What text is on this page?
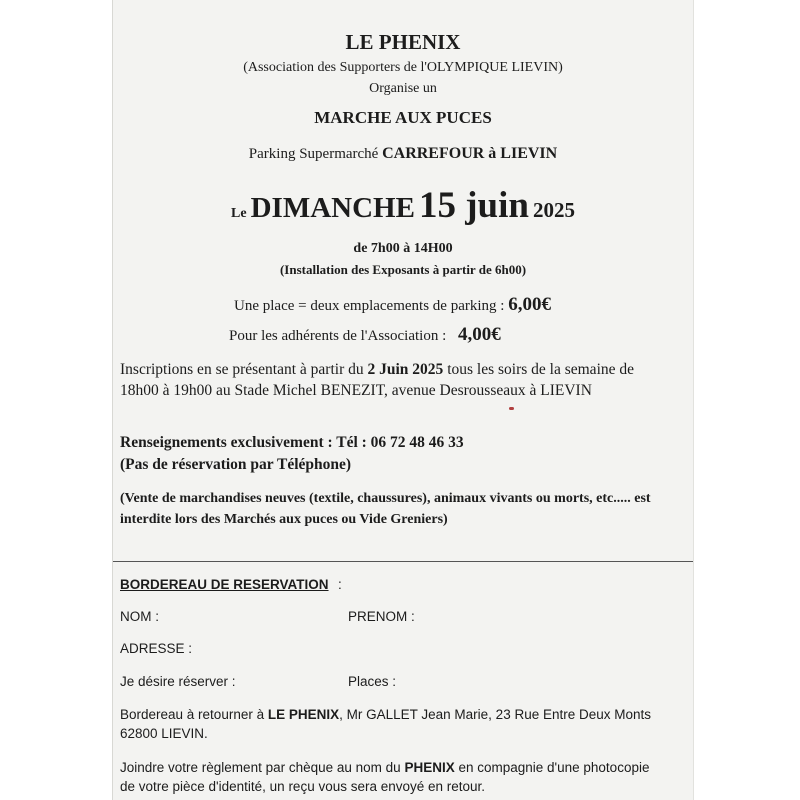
LE PHENIX
(Association des Supporters de l'OLYMPIQUE LIEVIN)
Organise un
MARCHE AUX PUCES
Parking Supermarché CARREFOUR à LIEVIN
Le DIMANCHE 15 juin 2025
de 7h00 à 14H00
(Installation des Exposants à partir de 6h00)
Une place = deux emplacements de parking : 6,00€
Pour les adhérents de l'Association : 4,00€
Inscriptions en se présentant à partir du 2 Juin 2025 tous les soirs de la semaine de
18h00 à 19h00 au Stade Michel BENEZIT, avenue Desrousseaux à LIEVIN
Renseignements exclusivement : Tél : 06 72 48 46 33
(Pas de réservation par Téléphone)
(Vente de marchandises neuves (textile, chaussures), animaux vivants ou morts, etc..... est
interdite lors des Marchés aux puces ou Vide Greniers)
BORDEREAU DE RESERVATION :
NOM :	PRENOM :
ADRESSE :
Je désire réserver :	Places :
Bordereau à retourner à LE PHENIX, Mr GALLET Jean Marie, 23 Rue Entre Deux Monts
62800 LIEVIN.
Joindre votre règlement par chèque au nom du PHENIX en compagnie d'une photocopie
de votre pièce d'identité, un reçu vous sera envoyé en retour.
